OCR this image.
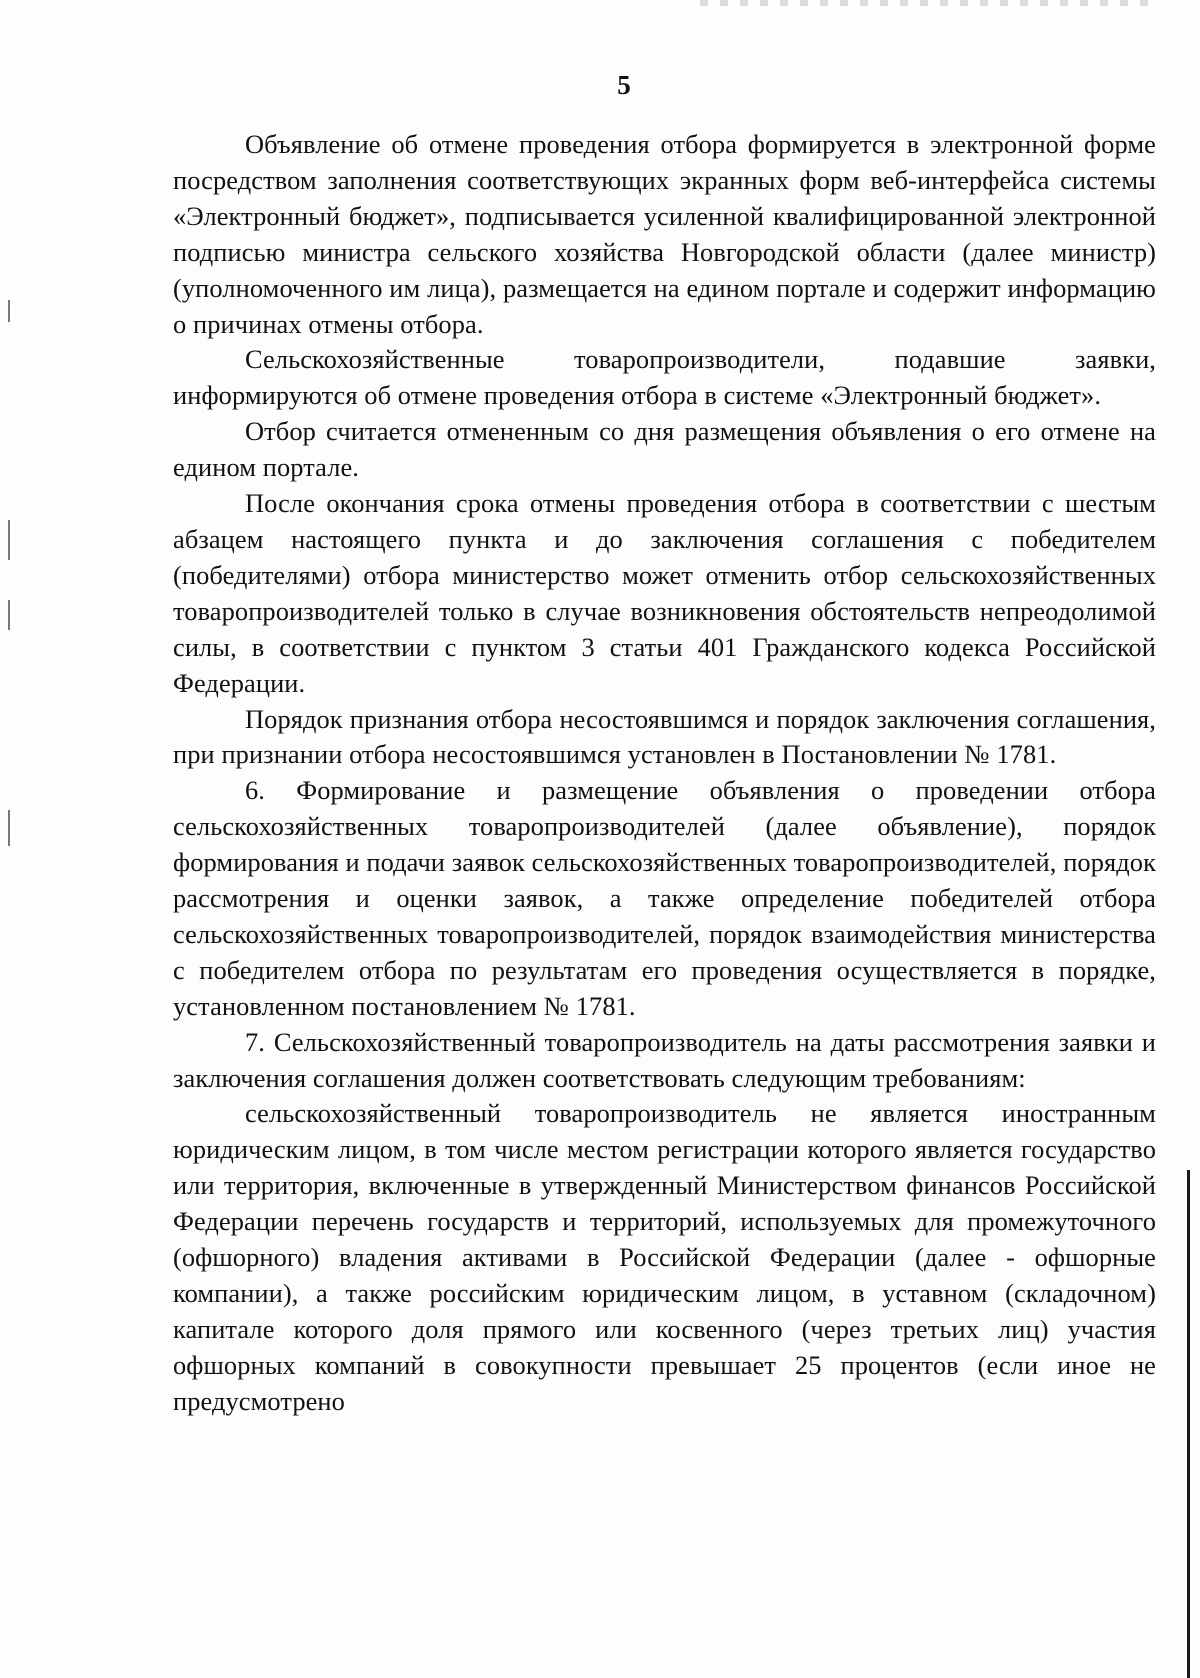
5

Объявление об отмене проведения отбора формируется в электронной форме посредством заполнения соответствующих экранных форм веб-интерфейса системы «Электронный бюджет», подписывается усиленной квалифицированной электронной подписью министра сельского хозяйства Новгородской области (далее министр) (уполномоченного им лица), размещается на едином портале и содержит информацию о причинах отмены отбора.

Сельскохозяйственные товаропроизводители, подавшие заявки, информируются об отмене проведения отбора в системе «Электронный бюджет».

Отбор считается отмененным со дня размещения объявления о его отмене на едином портале.

После окончания срока отмены проведения отбора в соответствии с шестым абзацем настоящего пункта и до заключения соглашения с победителем (победителями) отбора министерство может отменить отбор сельскохозяйственных товаропроизводителей только в случае возникновения обстоятельств непреодолимой силы, в соответствии с пунктом 3 статьи 401 Гражданского кодекса Российской Федерации.

Порядок признания отбора несостоявшимся и порядок заключения соглашения, при признании отбора несостоявшимся установлен в Постановлении № 1781.

6. Формирование и размещение объявления о проведении отбора сельскохозяйственных товаропроизводителей (далее объявление), порядок формирования и подачи заявок сельскохозяйственных товаропроизводителей, порядок рассмотрения и оценки заявок, а также определение победителей отбора сельскохозяйственных товаропроизводителей, порядок взаимодействия министерства с победителем отбора по результатам его проведения осуществляется в порядке, установленном постановлением № 1781.

7. Сельскохозяйственный товаропроизводитель на даты рассмотрения заявки и заключения соглашения должен соответствовать следующим требованиям:

сельскохозяйственный товаропроизводитель не является иностранным юридическим лицом, в том числе местом регистрации которого является государство или территория, включенные в утвержденный Министерством финансов Российской Федерации перечень государств и территорий, используемых для промежуточного (офшорного) владения активами в Российской Федерации (далее - офшорные компании), а также российским юридическим лицом, в уставном (складочном) капитале которого доля прямого или косвенного (через третьих лиц) участия офшорных компаний в совокупности превышает 25 процентов (если иное не предусмотрено
